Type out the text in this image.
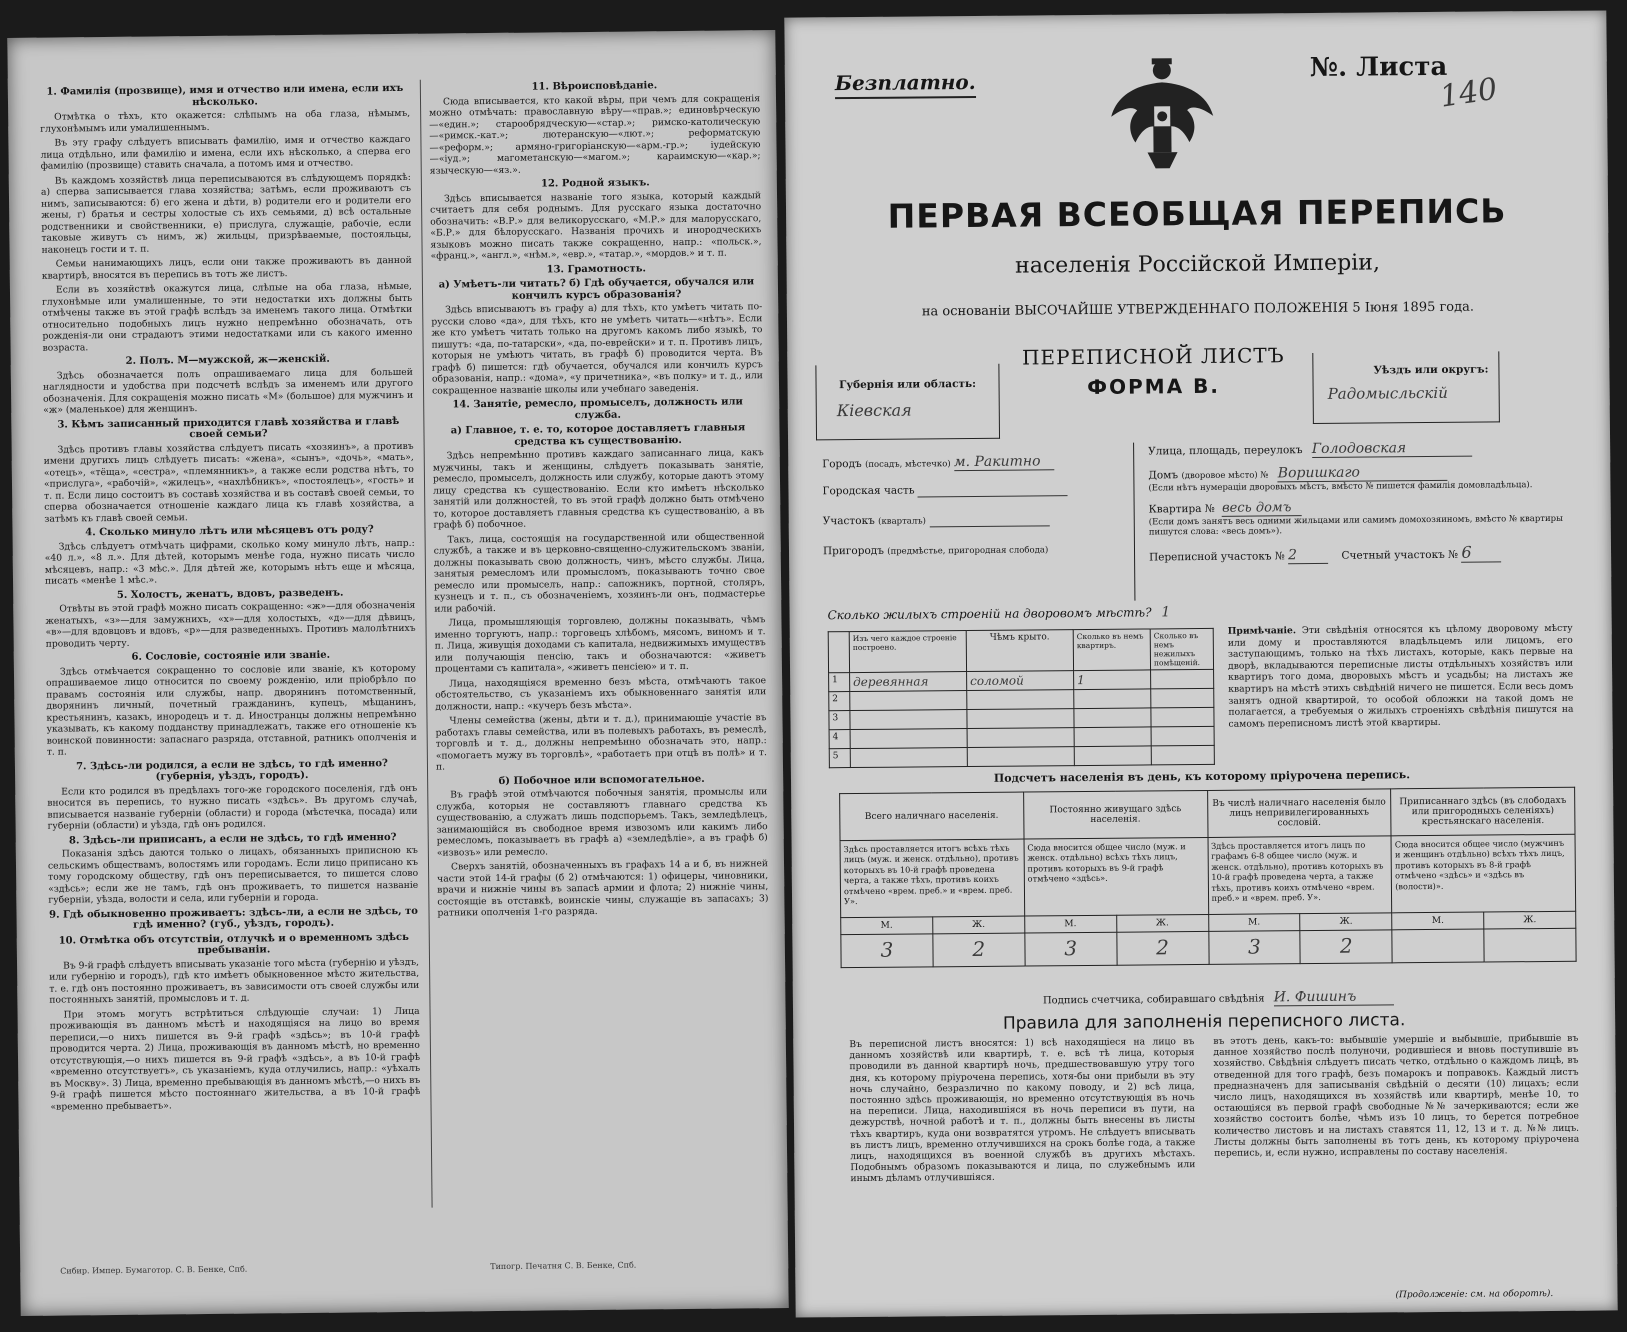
1. Фамилія (прозвище), имя и отчество или имена, если ихъ нѣсколько.
Отмѣтка о тѣхъ, кто окажется: слѣпымъ на оба глаза, нѣмымъ, глухонѣмымъ или умалишеннымъ.
Въ эту графу слѣдуетъ вписывать фамилію, имя и отчество каждаго лица отдѣльно, или фамилію и имена, если ихъ нѣсколько, а сперва его фамилію (прозвище) ставить сначала, а потомъ имя и отчество.
Въ каждомъ хозяйствѣ лица переписываются въ слѣдующемъ порядкѣ: а) сперва записывается глава хозяйства; затѣмъ, если проживаютъ съ нимъ, записываются: б) его жена и дѣти, в) родители его и родители его жены, г) братья и сестры холостые съ ихъ семьями, д) всѣ остальные родственники и свойственники, е) прислуга, служащіе, рабочіе, если таковые живутъ съ нимъ, ж) жильцы, призрѣваемые, постояльцы, наконецъ гости и т. п.
Семьи нанимающихъ лицъ, если они также проживаютъ въ данной квартирѣ, вносятся въ перепись въ тотъ же листъ.
Если въ хозяйствѣ окажутся лица, слѣпые на оба глаза, нѣмые, глухонѣмые или умалишенные, то эти недостатки ихъ должны быть отмѣчены также въ этой графѣ вслѣдъ за именемъ такого лица. Отмѣтки относительно подобныхъ лицъ нужно непремѣнно обозначать, отъ рожденія-ли они страдаютъ этими недостатками или съ какого именно возраста.
2. Полъ. М—мужской, ж—женскій.
Здѣсь обозначается полъ опрашиваемаго лица для большей наглядности и удобства при подсчетѣ вслѣдъ за именемъ или другого обозначенія. Для сокращенія можно писать «М» (большое) для мужчинъ и «ж» (маленькое) для женщинъ.
3. Кѣмъ записанный приходится главѣ хозяйства и главѣ своей семьи?
Здѣсь противъ главы хозяйства слѣдуетъ писать «хозяинъ», а противъ имени другихъ лицъ слѣдуетъ писать: «жена», «сынъ», «дочь», «мать», «отецъ», «тёща», «сестра», «племянникъ», а также если родства нѣтъ, то «прислуга», «рабочій», «жилецъ», «нахлѣбникъ», «постоялецъ», «гость» и т. п. Если лицо состоитъ въ составѣ хозяйства и въ составѣ своей семьи, то сперва обозначается отношеніе каждаго лица къ главѣ хозяйства, а затѣмъ къ главѣ своей семьи.
4. Сколько минуло лѣтъ или мѣсяцевъ отъ роду?
Здѣсь слѣдуетъ отмѣчать цифрами, сколько кому минуло лѣтъ, напр.: «40 л.», «8 л.». Для дѣтей, которымъ менѣе года, нужно писать число мѣсяцевъ, напр.: «3 мѣс.». Для дѣтей же, которымъ нѣтъ еще и мѣсяца, писать «менѣе 1 мѣс.».
5. Холостъ, женатъ, вдовъ, разведенъ.
Отвѣты въ этой графѣ можно писать сокращенно: «ж»—для обозначенія женатыхъ, «з»—для замужнихъ, «х»—для холостыхъ, «д»—для дѣвицъ, «в»—для вдовцовъ и вдовъ, «р»—для разведенныхъ. Противъ малолѣтнихъ проводить черту.
6. Сословіе, состояніе или званіе.
Здѣсь отмѣчается сокращенно то сословіе или званіе, къ которому опрашиваемое лицо относится по своему рожденію, или пріобрѣло по правамъ состоянія или службы, напр. дворянинъ потомственный, дворянинъ личный, почетный гражданинъ, купецъ, мѣщанинъ, крестьянинъ, казакъ, инородецъ и т. д. Иностранцы должны непремѣнно указывать, къ какому подданству принадлежатъ, также его отношеніе къ воинской повинности: запаснаго разряда, отставной, ратникъ ополченія и т. п.
7. Здѣсь-ли родился, а если не здѣсь, то гдѣ именно? (губернія, уѣздъ, городъ).
Если кто родился въ предѣлахъ того-же городского поселенія, гдѣ онъ вносится въ перепись, то нужно писать «здѣсь». Въ другомъ случаѣ, вписывается названіе губерніи (области) и города (мѣстечка, посада) или губерніи (области) и уѣзда, гдѣ онъ родился.
8. Здѣсь-ли приписанъ, а если не здѣсь, то гдѣ именно?
Показанія здѣсь даются только о лицахъ, обязанныхъ приписною къ сельскимъ обществамъ, волостямъ или городамъ. Если лицо приписано къ тому городскому обществу, гдѣ онъ переписывается, то пишется слово «здѣсь»; если же не тамъ, гдѣ онъ проживаетъ, то пишется названіе губерніи, уѣзда, волости и села, или губерніи и города.
9. Гдѣ обыкновенно проживаетъ: здѣсь-ли, а если не здѣсь, то гдѣ именно? (губ., уѣздъ, городъ).
10. Отмѣтка объ отсутствіи, отлучкѣ и о временномъ здѣсь пребываніи.
Въ 9-й графѣ слѣдуетъ вписывать указаніе того мѣста (губернію и уѣздъ, или губернію и городъ), гдѣ кто имѣетъ обыкновенное мѣсто жительства, т. е. гдѣ онъ постоянно проживаетъ, въ зависимости отъ своей службы или постоянныхъ занятій, промысловъ и т. д.
При этомъ могутъ встрѣтиться слѣдующіе случаи: 1) Лица проживающія въ данномъ мѣстѣ и находящіяся на лицо во время переписи,—о нихъ пишется въ 9-й графѣ «здѣсь»; въ 10-й графѣ проводится черта. 2) Лица, проживающія въ данномъ мѣстѣ, но временно отсутствующія,—о нихъ пишется въ 9-й графѣ «здѣсь», а въ 10-й графѣ «временно отсутствуетъ», съ указаніемъ, куда отлучились, напр.: «уѣхалъ въ Москву». 3) Лица, временно пребывающія въ данномъ мѣстѣ,—о нихъ въ 9-й графѣ пишется мѣсто постояннаго жительства, а въ 10-й графѣ «временно пребываетъ».
11. Вѣроисповѣданіе.
Сюда вписывается, кто какой вѣры, при чемъ для сокращенія можно отмѣчать: православную вѣру—«прав.»; единовѣрческую—«един.»; старообрядческую—«стар.»; римско-католическую—«римск.-кат.»; лютеранскую—«лют.»; реформатскую—«реформ.»; армяно-григоріанскую—«арм.-гр.»; іудейскую—«іуд.»; магометанскую—«магом.»; караимскую—«кар.»; языческую—«яз.».
12. Родной языкъ.
Здѣсь вписывается названіе того языка, который каждый считаетъ для себя роднымъ. Для русскаго языка достаточно обозначить: «В.Р.» для великорусскаго, «М.Р.» для малорусскаго, «Б.Р.» для бѣлорусскаго. Названія прочихъ и инородческихъ языковъ можно писать также сокращенно, напр.: «польск.», «франц.», «англ.», «нѣм.», «евр.», «татар.», «мордов.» и т. п.
13. Грамотность.
а) Умѣетъ-ли читать? б) Гдѣ обучается, обучался или кончилъ курсъ образованія?
Здѣсь вписываютъ въ графу а) для тѣхъ, кто умѣетъ читать по-русски слово «да», для тѣхъ, кто не умѣетъ читать—«нѣтъ». Если же кто умѣетъ читать только на другомъ какомъ либо языкѣ, то пишутъ: «да, по-татарски», «да, по-еврейски» и т. п. Противъ лицъ, которыя не умѣютъ читать, въ графѣ б) проводится черта. Въ графѣ б) пишется: гдѣ обучается, обучался или кончилъ курсъ образованія, напр.: «дома», «у причетника», «въ полку» и т. д., или сокращенное названіе школы или учебнаго заведенія.
14. Занятіе, ремесло, промыселъ, должность или служба.
а) Главное, т. е. то, которое доставляетъ главныя средства къ существованію.
Здѣсь непремѣнно противъ каждаго записаннаго лица, какъ мужчины, такъ и женщины, слѣдуетъ показывать занятіе, ремесло, промыселъ, должность или службу, которые даютъ этому лицу средства къ существованію. Если кто имѣетъ нѣсколько занятій или должностей, то въ этой графѣ должно быть отмѣчено то, которое доставляетъ главныя средства къ существованію, а въ графѣ б) побочное.
Такъ, лица, состоящія на государственной или общественной службѣ, а также и въ церковно-священно-служительскомъ званіи, должны показывать свою должность, чинъ, мѣсто службы. Лица, занятыя ремесломъ или промысломъ, показываютъ точно свое ремесло или промыселъ, напр.: сапожникъ, портной, столяръ, кузнецъ и т. п., съ обозначеніемъ, хозяинъ-ли онъ, подмастерье или рабочій.
Лица, промышляющія торговлею, должны показывать, чѣмъ именно торгуютъ, напр.: торговецъ хлѣбомъ, мясомъ, виномъ и т. п. Лица, живущія доходами съ капитала, недвижимыхъ имуществъ или получающія пенсію, такъ и обозначаются: «живетъ процентами съ капитала», «живетъ пенсіею» и т. п.
Лица, находящіяся временно безъ мѣста, отмѣчаютъ такое обстоятельство, съ указаніемъ ихъ обыкновеннаго занятія или должности, напр.: «кучеръ безъ мѣста».
Члены семейства (жены, дѣти и т. д.), принимающіе участіе въ работахъ главы семейства, или въ полевыхъ работахъ, въ ремеслѣ, торговлѣ и т. д., должны непремѣнно обозначать это, напр.: «помогаетъ мужу въ торговлѣ», «работаетъ при отцѣ въ полѣ» и т. п.
б) Побочное или вспомогательное.
Въ графѣ этой отмѣчаются побочныя занятія, промыслы или служба, которыя не составляютъ главнаго средства къ существованію, а служатъ лишь подспорьемъ. Такъ, земледѣлецъ, занимающійся въ свободное время извозомъ или какимъ либо ремесломъ, показываетъ въ графѣ а) «земледѣліе», а въ графѣ б) «извозъ» или ремесло.
Сверхъ занятій, обозначенныхъ въ графахъ 14 а и б, въ нижней части этой 14-й графы (б 2) отмѣчаются: 1) офицеры, чиновники, врачи и нижніе чины въ запасѣ армии и флота; 2) нижніе чины, состоящіе въ отставкѣ, воинскіе чины, служащіе въ запасахъ; 3) ратники ополченія 1-го разряда.
Сибир. Импер. Бумаготор. С. В. Бенке, Спб.	Типогр. Печатня С. В. Бенке, Спб.
Безплатно.	№. Листа
140
ПЕРВАЯ ВСЕОБЩАЯ ПЕРЕПИСЬ
населенія Россійской Имперіи,
на основаніи ВЫСОЧАЙШЕ УТВЕРЖДЕННАГО ПОЛОЖЕНІЯ 5 Іюня 1895 года.
Губернія или область:
Кіевская
ПЕРЕПИСНОЙ ЛИСТЪ
ФОРМА В.
Уѣздъ или округъ:
Радомысльскій
Городъ (посадъ, мѣстечко) м. Ракитно
Городская часть
Участокъ (кварталъ)
Пригородъ (предмѣстье, пригородная слобода)
Улица, площадь, переулокъ Голодовская
Домъ (дворовое мѣсто) № Воришкаго
(Если нѣтъ нумераціи дворовыхъ мѣстъ, вмѣсто № пишется фамилія домовладѣльца).
Квартира № весь домъ
(Если домъ занятъ весь одними жильцами или самимъ домохозяиномъ, вмѣсто № квартиры пишутся слова: «весь домъ»).
Переписной участокъ № 2	Счетный участокъ № 6
Сколько жилыхъ строеній на дворовомъ мѣстѣ? 1
	Изъ чего каждое строеніе построено.	Чѣмъ крыто.	Сколько въ немъ квартиръ.	Сколько въ немъ нежилыхъ помѣщеній.
1	деревянная	соломой	1	
2				
3				
4				
5				
Примѣчаніе. Эти свѣдѣнія относятся къ цѣлому дворовому мѣсту или дому и проставляются владѣльцемъ или лицомъ, его заступающимъ, только на тѣхъ листахъ, которые, какъ первые на дворѣ, вкладываются переписные листы отдѣльныхъ хозяйствъ или квартиръ того дома, дворовыхъ мѣстъ и усадьбы; на листахъ же квартиръ на мѣстѣ этихъ свѣдѣній ничего не пишется. Если весь домъ занятъ одной квартирой, то особой обложки на такой домъ не полагается, а требуемыя о жилыхъ строеніяхъ свѣдѣнія пишутся на самомъ переписномъ листѣ этой квартиры.
Подсчетъ населенія въ день, къ которому пріурочена перепись.
Всего наличнаго населенія.		Постоянно живущаго здѣсь населенія.		Въ числѣ наличнаго населенія было лицъ непривилегированныхъ сословій.		Приписаннаго здѣсь (въ слободахъ или пригородныхъ селеніяхъ) крестьянскаго населенія.	
Здѣсь проставляется итогъ всѣхъ тѣхъ лицъ (муж. и женск. отдѣльно), противъ которыхъ въ 10-й графѣ проведена черта, а также тѣхъ, противъ коихъ отмѣчено «врем. преб.» и «врем. преб. У».		Сюда вносится общее число (муж. и женск. отдѣльно) всѣхъ тѣхъ лицъ, противъ которыхъ въ 9-й графѣ отмѣчено «здѣсь».		Здѣсь проставляется итогъ лицъ по графамъ 6-8 общее число (муж. и женск. отдѣльно), противъ которыхъ въ 10-й графѣ проведена черта, а также тѣхъ, противъ коихъ отмѣчено «врем. преб.» и «врем. преб. У».		Сюда вносится общее число (мужчинъ и женщинъ отдѣльно) всѣхъ тѣхъ лицъ, противъ которыхъ въ 8-й графѣ отмѣчено «здѣсь» и «здѣсь въ (волости)».	
М.	Ж.	М.	Ж.	М.	Ж.	М.	Ж.
3	2	3	2	3	2		
Подпись счетчика, собиравшаго свѣдѣнія И. Фишинъ
Правила для заполненія переписного листа.
Въ переписной листъ вносятся: 1) всѣ находящіеся на лицо въ данномъ хозяйствѣ или квартирѣ, т. е. всѣ тѣ лица, которыя проводили въ данной квартирѣ ночь, предшествовавшую утру того дня, къ которому пріурочена перепись, хотя-бы они прибыли въ эту ночь случайно, безразлично по какому поводу, и 2) всѣ лица, постоянно здѣсь проживающія, но временно отсутствующія въ ночь на переписи. Лица, находившіяся въ ночь переписи въ пути, на дежурствѣ, ночной работѣ и т. п., должны быть внесены въ листы тѣхъ квартиръ, куда они возвратятся утромъ. Не слѣдуетъ вписывать въ листъ лицъ, временно отлучившихся на срокъ болѣе года, а также лицъ, находящихся въ военной службѣ въ другихъ мѣстахъ. Подобнымъ образомъ показываются и лица, по служебнымъ или инымъ дѣламъ отлучившіяся.
въ этотъ день, какъ-то: выбывшіе умершіе и выбывшіе, прибывшіе въ данное хозяйство послѣ полуночи, родившіеся и вновь поступившіе въ хозяйство. Свѣдѣнія слѣдуетъ писать четко, отдѣльно о каждомъ лицѣ, въ отведенной для того графѣ, безъ помарокъ и поправокъ. Каждый листъ предназначенъ для записыванія свѣдѣній о десяти (10) лицахъ; если число лицъ, находящихся въ хозяйствѣ или квартирѣ, менѣе 10, то остающіяся въ первой графѣ свободные №№ зачеркиваются; если же хозяйство состоитъ болѣе, чѣмъ изъ 10 лицъ, то берется потребное количество листовъ и на листахъ ставятся 11, 12, 13 и т. д. №№ лицъ. Листы должны быть заполнены въ тотъ день, къ которому пріурочена перепись, и, если нужно, исправлены по составу населенія.
(Продолженіе: см. на оборотѣ).
